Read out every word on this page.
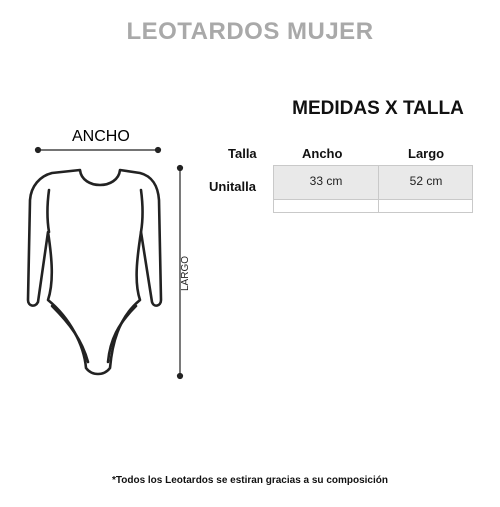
LEOTARDOS MUJER
ANCHO
LARGO
MEDIDAS X TALLA
Talla	Ancho	Largo
Unitalla	33 cm	52 cm
*Todos los Leotardos se estiran gracias a su composición
